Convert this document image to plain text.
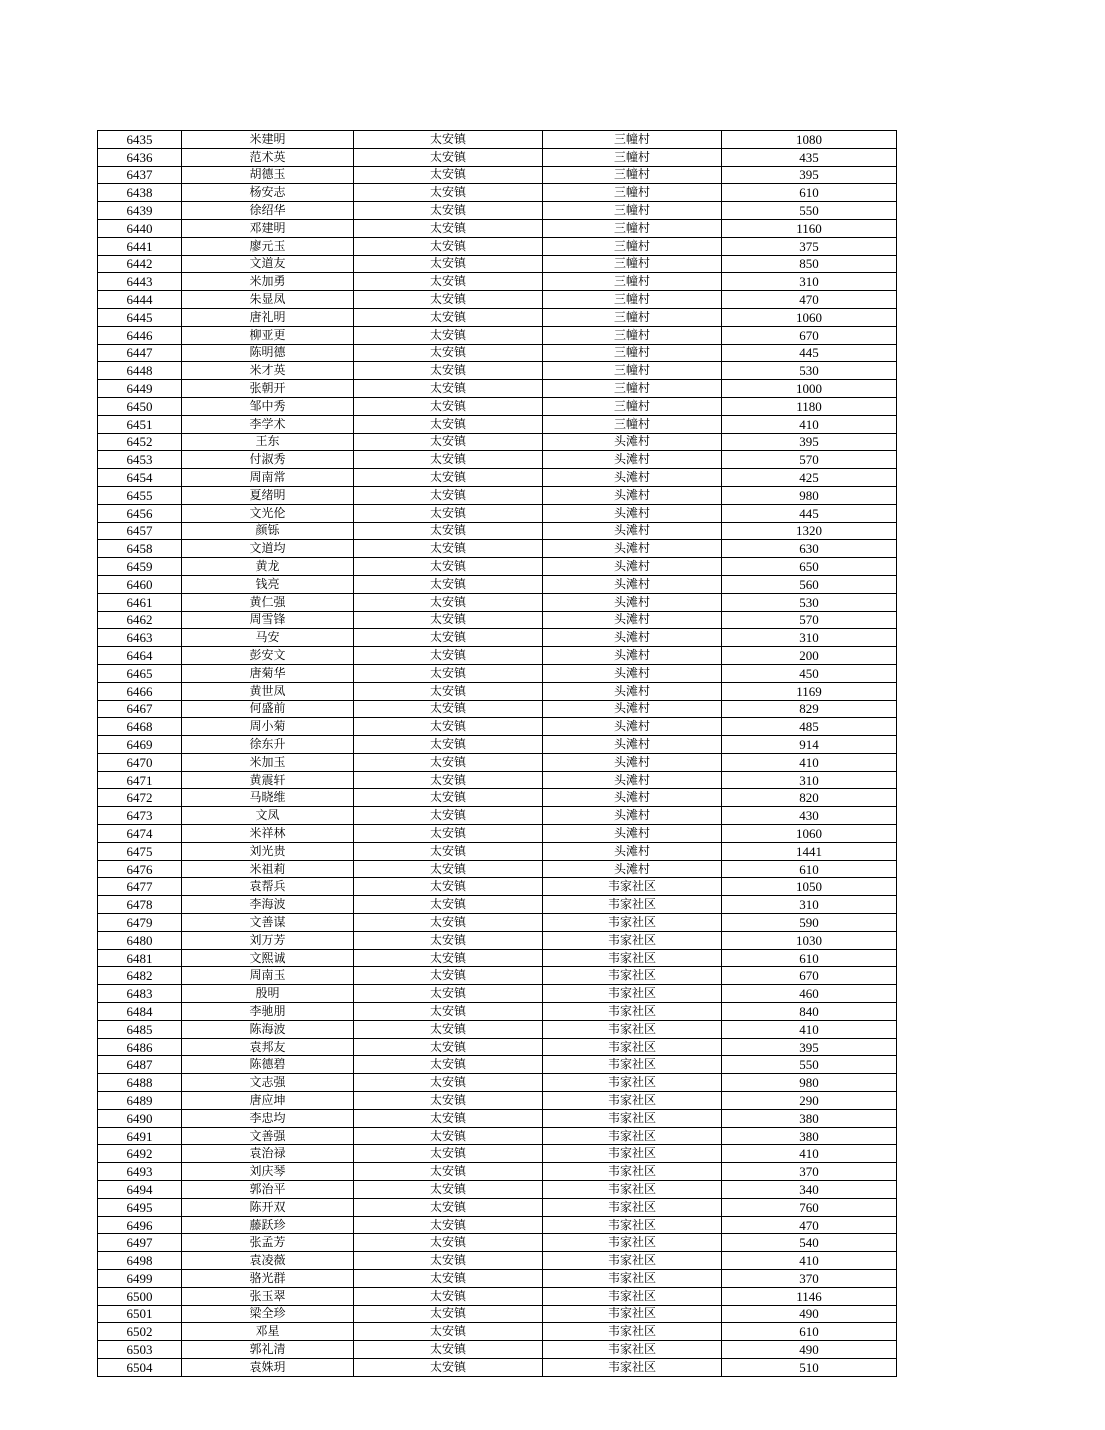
6435	米建明	太安镇	三幢村	1080
6436	范术英	太安镇	三幢村	435
6437	胡德玉	太安镇	三幢村	395
6438	杨安志	太安镇	三幢村	610
6439	徐绍华	太安镇	三幢村	550
6440	邓建明	太安镇	三幢村	1160
6441	廖元玉	太安镇	三幢村	375
6442	文道友	太安镇	三幢村	850
6443	米加勇	太安镇	三幢村	310
6444	朱显凤	太安镇	三幢村	470
6445	唐礼明	太安镇	三幢村	1060
6446	柳亚更	太安镇	三幢村	670
6447	陈明德	太安镇	三幢村	445
6448	米才英	太安镇	三幢村	530
6449	张朝开	太安镇	三幢村	1000
6450	邹中秀	太安镇	三幢村	1180
6451	李学术	太安镇	三幢村	410
6452	王东	太安镇	头滩村	395
6453	付淑秀	太安镇	头滩村	570
6454	周南常	太安镇	头滩村	425
6455	夏绪明	太安镇	头滩村	980
6456	文光伦	太安镇	头滩村	445
6457	颜铄	太安镇	头滩村	1320
6458	文道均	太安镇	头滩村	630
6459	黄龙	太安镇	头滩村	650
6460	钱亮	太安镇	头滩村	560
6461	黄仁强	太安镇	头滩村	530
6462	周雪锋	太安镇	头滩村	570
6463	马安	太安镇	头滩村	310
6464	彭安文	太安镇	头滩村	200
6465	唐菊华	太安镇	头滩村	450
6466	黄世凤	太安镇	头滩村	1169
6467	何盛前	太安镇	头滩村	829
6468	周小菊	太安镇	头滩村	485
6469	徐东升	太安镇	头滩村	914
6470	米加玉	太安镇	头滩村	410
6471	黄震轩	太安镇	头滩村	310
6472	马晓维	太安镇	头滩村	820
6473	文凤	太安镇	头滩村	430
6474	米祥林	太安镇	头滩村	1060
6475	刘光贵	太安镇	头滩村	1441
6476	米祖莉	太安镇	头滩村	610
6477	袁帮兵	太安镇	韦家社区	1050
6478	李海波	太安镇	韦家社区	310
6479	文善谋	太安镇	韦家社区	590
6480	刘万芳	太安镇	韦家社区	1030
6481	文熙诚	太安镇	韦家社区	610
6482	周南玉	太安镇	韦家社区	670
6483	殷明	太安镇	韦家社区	460
6484	李驰朋	太安镇	韦家社区	840
6485	陈海波	太安镇	韦家社区	410
6486	袁邦友	太安镇	韦家社区	395
6487	陈德碧	太安镇	韦家社区	550
6488	文志强	太安镇	韦家社区	980
6489	唐应坤	太安镇	韦家社区	290
6490	李忠均	太安镇	韦家社区	380
6491	文善强	太安镇	韦家社区	380
6492	袁治禄	太安镇	韦家社区	410
6493	刘庆琴	太安镇	韦家社区	370
6494	郭治平	太安镇	韦家社区	340
6495	陈开双	太安镇	韦家社区	760
6496	藤跃珍	太安镇	韦家社区	470
6497	张孟芳	太安镇	韦家社区	540
6498	袁凌薇	太安镇	韦家社区	410
6499	骆光群	太安镇	韦家社区	370
6500	张玉翠	太安镇	韦家社区	1146
6501	梁全珍	太安镇	韦家社区	490
6502	邓星	太安镇	韦家社区	610
6503	郭礼清	太安镇	韦家社区	490
6504	袁姝玥	太安镇	韦家社区	510
